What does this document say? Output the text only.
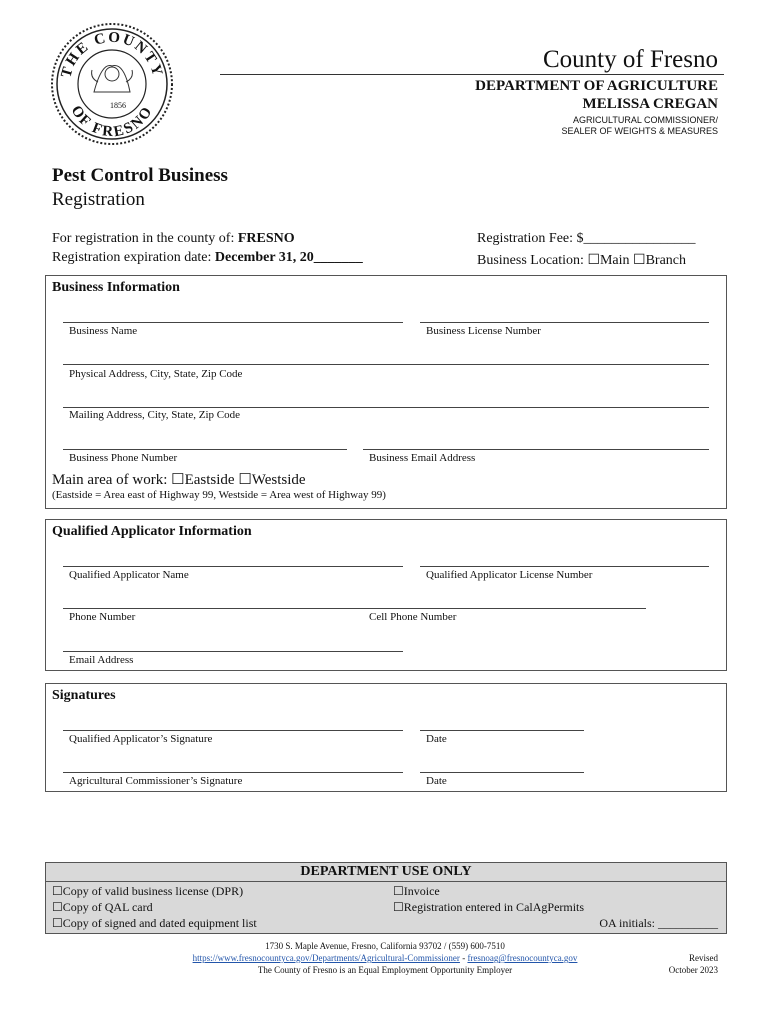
THE COUNTY
OF FRESNO
1856
County of Fresno
DEPARTMENT OF AGRICULTURE
MELISSA CREGAN
AGRICULTURAL COMMISSIONER/
SEALER OF WEIGHTS & MEASURES
Pest Control Business
Registration
For registration in the county of: FRESNO
Registration expiration date: December 31, 20_______
Registration Fee: $________________
Business Location: ☐Main ☐Branch
Business Information
Business Name	Business License Number
Physical Address, City, State, Zip Code
Mailing Address, City, State, Zip Code
Business Phone Number	Business Email Address
Main area of work: ☐Eastside ☐Westside
(Eastside = Area east of Highway 99, Westside = Area west of Highway 99)
Qualified Applicator Information
Qualified Applicator Name	Qualified Applicator License Number
Phone Number	Cell Phone Number
Email Address
Signatures
Qualified Applicator’s Signature	Date
Agricultural Commissioner’s Signature	Date
DEPARTMENT USE ONLY
☐Copy of valid business license (DPR)
☐Copy of QAL card
☐Copy of signed and dated equipment list
☐Invoice
☐Registration entered in CalAgPermits
OA initials: __________
1730 S. Maple Avenue, Fresno, California 93702 / (559) 600-7510
https://www.fresnocountyca.gov/Departments/Agricultural-Commissioner - fresnoag@fresnocountyca.gov
The County of Fresno is an Equal Employment Opportunity Employer
Revised
October 2023
